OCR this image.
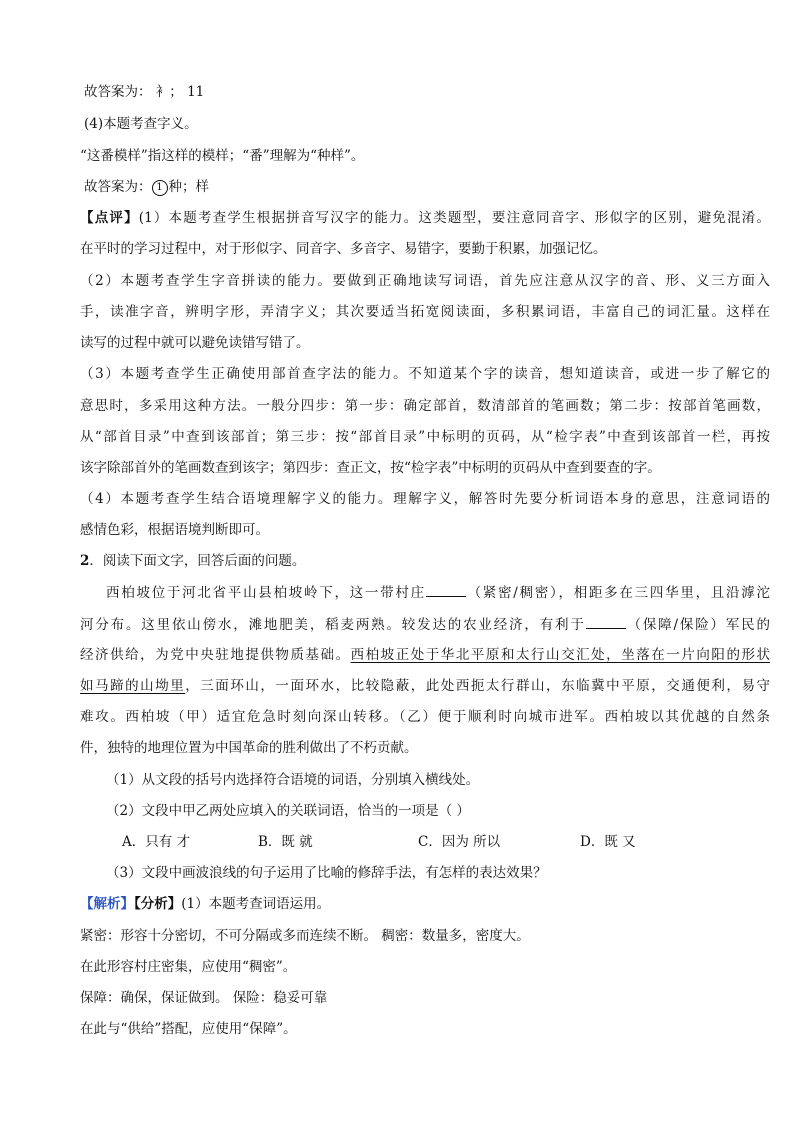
故答案为： 衤； 11
(4)本题考查字义。
“这番模样”指这样的模样；“番”理解为“种样”。
故答案为： 1 种；样
【点评】(1）本题考查学生根据拼音写汉字的能力。这类题型，要注意同音字、形似字的区别，避免混淆。
在平时的学习过程中，对于形似字、同音字、多音字、易错字，要勤于积累，加强记忆。
（2）本题考查学生字音拼读的能力。要做到正确地读写词语，首先应注意从汉字的音、形、义三方面入
手，读准字音，辨明字形，弄清字义；其次要适当拓宽阅读面，多积累词语，丰富自己的词汇量。这样在
读写的过程中就可以避免读错写错了。
（3）本题考查学生正确使用部首查字法的能力。不知道某个字的读音，想知道读音，或进一步了解它的
意思时，多采用这种方法。一般分四步：第一步：确定部首，数清部首的笔画数；第二步：按部首笔画数，
从“部首目录”中查到该部首；第三步：按“部首目录”中标明的页码，从“检字表”中查到该部首一栏，再按
该字除部首外的笔画数查到该字；第四步：查正文，按“检字表”中标明的页码从中查到要查的字。
（4）本题考查学生结合语境理解字义的能力。理解字义，解答时先要分析词语本身的意思，注意词语的
感情色彩，根据语境判断即可。
2．阅读下面文字，回答后面的问题。
西柏坡位于河北省平山县柏坡岭下，这一带村庄	（紧密/稠密），相距多在三四华里，且沿滹沱
河分布。这里依山傍水，滩地肥美，稻麦两熟。较发达的农业经济，有利于	（保障/保险）军民的
经济供给，为党中央驻地提供物质基础。西柏坡正处于华北平原和太行山交汇处，坐落在一片向阳的形状
如马蹄的山坳里，三面环山，一面环水，比较隐蔽，此处西扼太行群山，东临冀中平原，交通便利，易守
难攻。西柏坡（甲）适宜危急时刻向深山转移。（乙）便于顺利时向城市进军。西柏坡以其优越的自然条
件，独特的地理位置为中国革命的胜利做出了不朽贡献。
（1）从文段的括号内选择符合语境的词语，分别填入横线处。
（2）文段中甲乙两处应填入的关联词语，恰当的一项是（ ）
A．只有 才	B．既 就	C．因为 所以	D．既 又
（3）文段中画波浪线的句子运用了比喻的修辞手法，有怎样的表达效果？
【解析】【分析】(1）本题考查词语运用。
紧密：形容十分密切，不可分隔或多而连续不断。 稠密：数量多，密度大。
在此形容村庄密集，应使用“稠密”。
保障：确保，保证做到。 保险：稳妥可靠
在此与“供给”搭配，应使用“保障”。
